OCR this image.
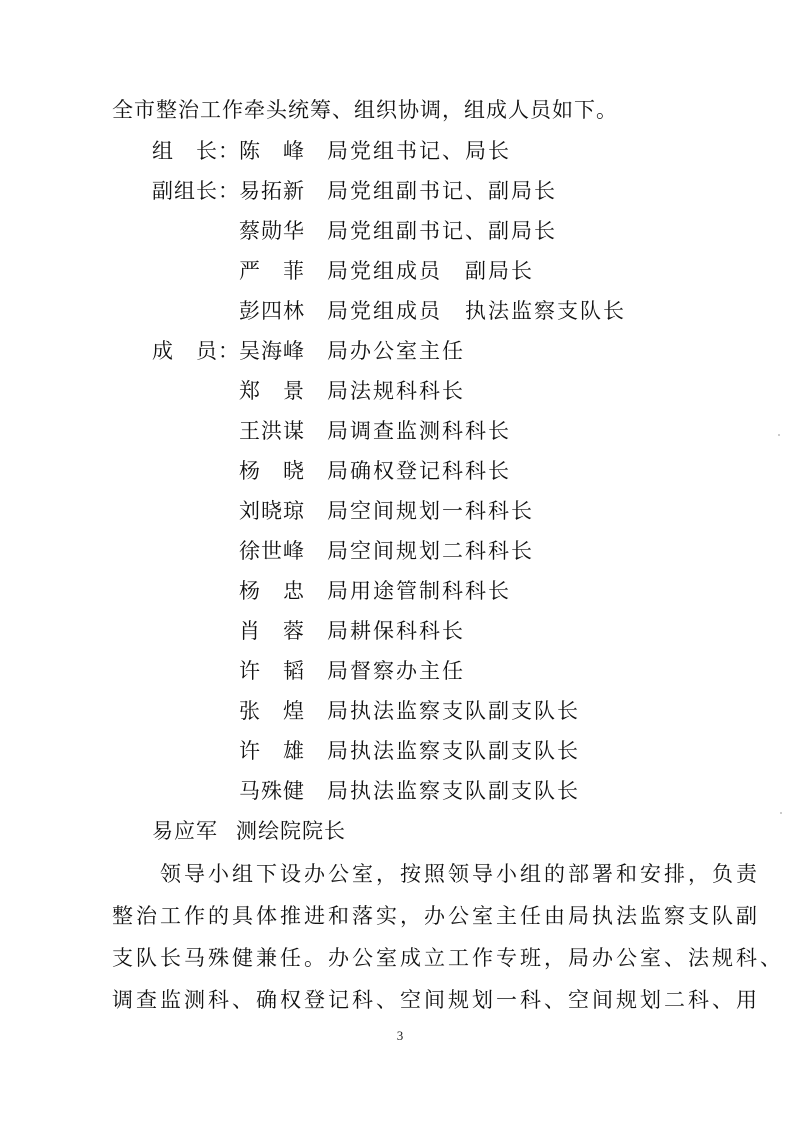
全市整治工作牵头统筹、组织协调，组成人员如下。
组　长： 陈　峰	局党组书记、局长
副组长： 易拓新	局党组副书记、副局长
蔡勋华	局党组副书记、副局长
严　菲	局党组成员　副局长
彭四林	局党组成员　执法监察支队长
成　员： 吴海峰	局办公室主任
郑　景	局法规科科长
王洪谋	局调查监测科科长
杨　晓	局确权登记科科长
刘晓琼	局空间规划一科科长
徐世峰	局空间规划二科科长
杨　忠	局用途管制科科长
肖　蓉	局耕保科科长
许　韬	局督察办主任
张　煌	局执法监察支队副支队长
许　雄	局执法监察支队副支队长
马殊健	局执法监察支队副支队长
易应军 测绘院院长
　　领导小组下设办公室，按照领导小组的部署和安排，负责
整治工作的具体推进和落实，办公室主任由局执法监察支队副
支队长马殊健兼任。办公室成立工作专班，局办公室、法规科、
调查监测科、确权登记科、空间规划一科、空间规划二科、用
3
